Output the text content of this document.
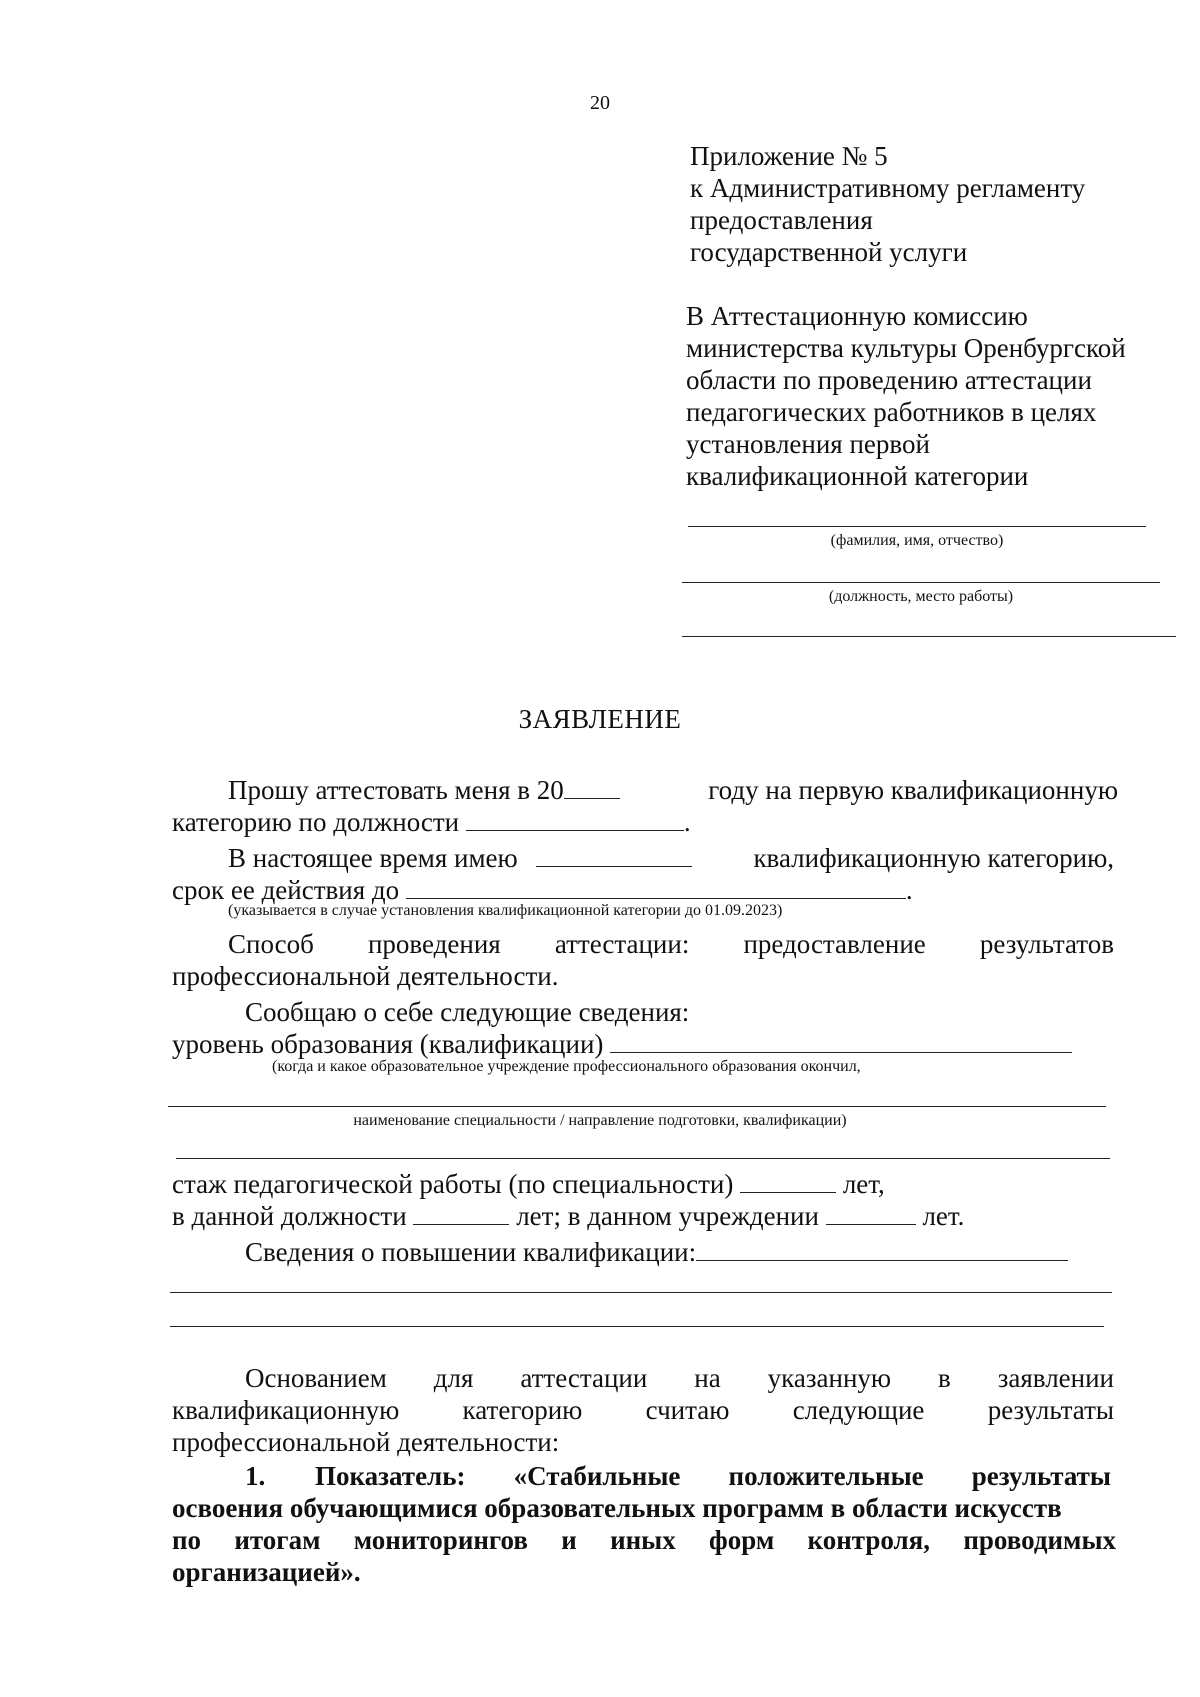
20
Приложение № 5
к Административному регламенту
предоставления
государственной услуги
В Аттестационную комиссию
министерства культуры Оренбургской
области по проведению аттестации
педагогических работников в целях
установления первой
квалификационной категории
(фамилия, имя, отчество)
(должность, место работы)
ЗАЯВЛЕНИЕ
Прошу аттестовать меня в 20	году на первую квалификационную
категорию по должности	.
В настоящее время имею	квалификационную категорию,
срок ее действия до	.
(указывается в случае установления квалификационной категории до 01.09.2023)
Способ проведения аттестации: предоставление результатов
профессиональной деятельности.
Сообщаю о себе следующие сведения:
уровень образования (квалификации)
(когда и какое образовательное учреждение профессионального образования окончил,
наименование специальности / направление подготовки, квалификации)
стаж педагогической работы (по специальности)	лет,
в данной должности	лет; в данном учреждении	лет.
Сведения о повышении квалификации:
Основанием для аттестации на указанную в заявлении
квалификационную категорию считаю следующие результаты
профессиональной деятельности:
1. Показатель: «Стабильные положительные результаты
освоения обучающимися образовательных программ в области искусств
по итогам мониторингов и иных форм контроля, проводимых
организацией».
